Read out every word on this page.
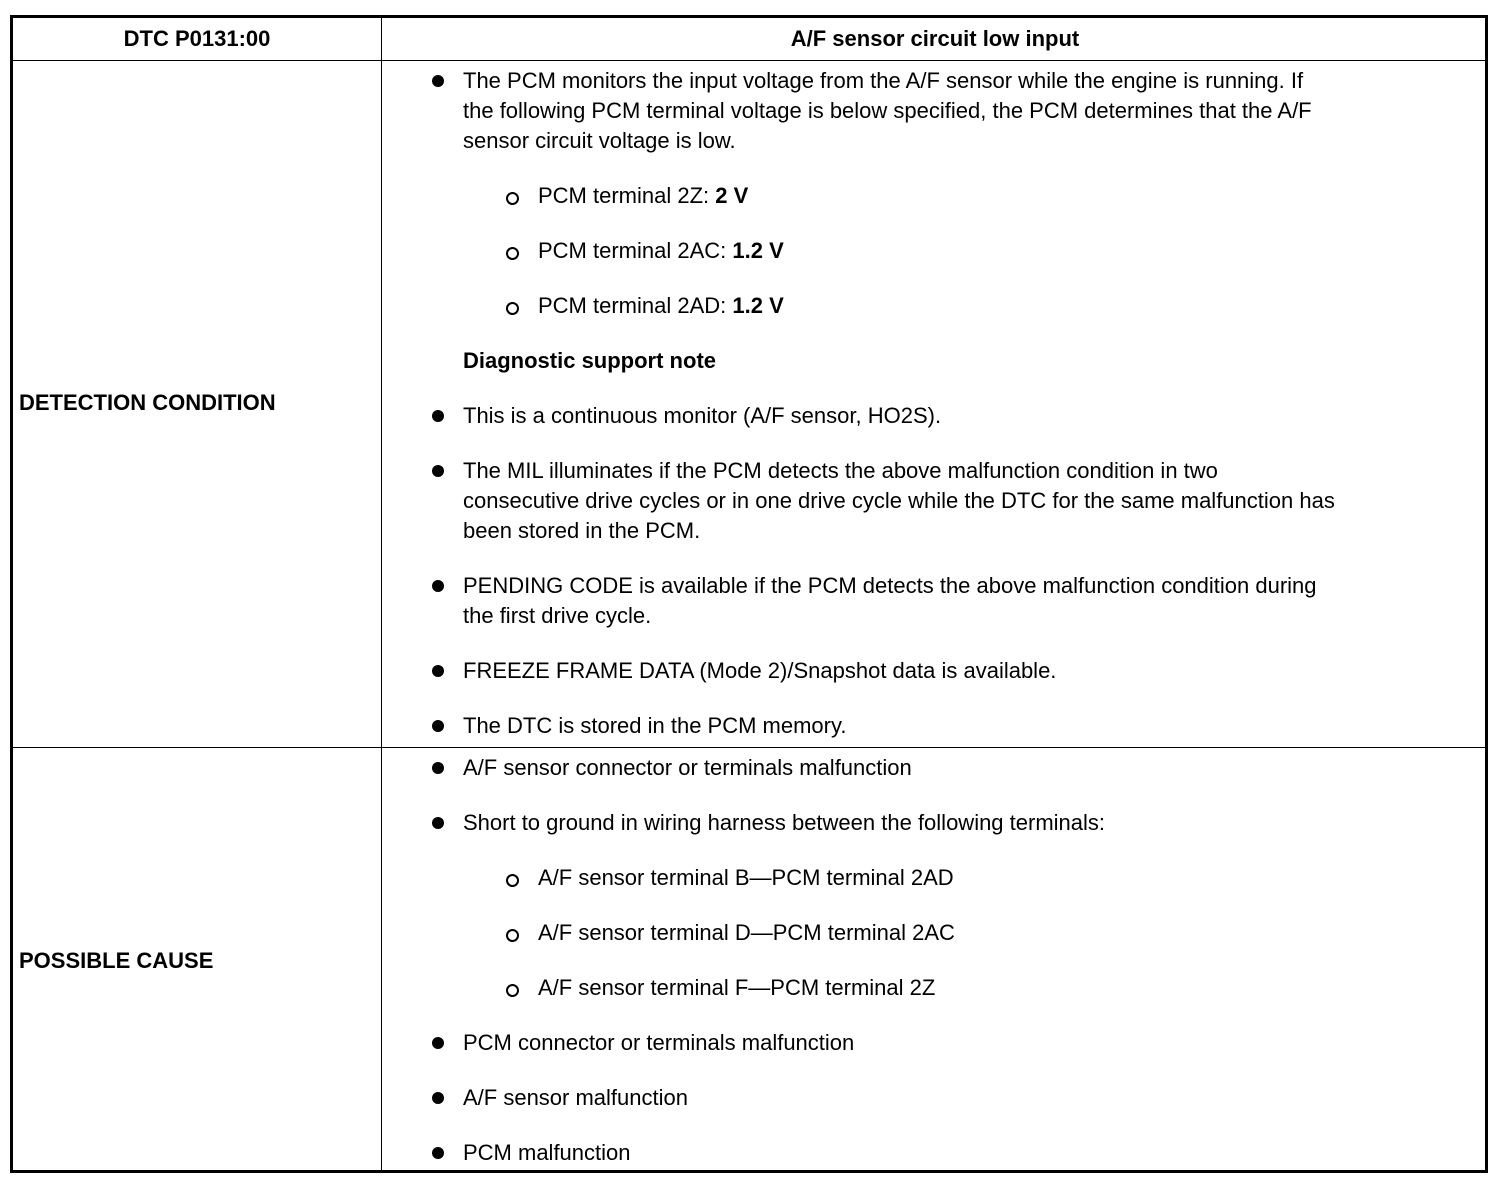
DTC P0131:00	A/F sensor circuit low input
DETECTION CONDITION
The PCM monitors the input voltage from the A/F sensor while the engine is running. If
the following PCM terminal voltage is below specified, the PCM determines that the A/F
sensor circuit voltage is low.
PCM terminal 2Z: 2 V
PCM terminal 2AC: 1.2 V
PCM terminal 2AD: 1.2 V
Diagnostic support note
This is a continuous monitor (A/F sensor, HO2S).
The MIL illuminates if the PCM detects the above malfunction condition in two
consecutive drive cycles or in one drive cycle while the DTC for the same malfunction has
been stored in the PCM.
PENDING CODE is available if the PCM detects the above malfunction condition during
the first drive cycle.
FREEZE FRAME DATA (Mode 2)/Snapshot data is available.
The DTC is stored in the PCM memory.
POSSIBLE CAUSE
A/F sensor connector or terminals malfunction
Short to ground in wiring harness between the following terminals:
A/F sensor terminal B—PCM terminal 2AD
A/F sensor terminal D—PCM terminal 2AC
A/F sensor terminal F—PCM terminal 2Z
PCM connector or terminals malfunction
A/F sensor malfunction
PCM malfunction
